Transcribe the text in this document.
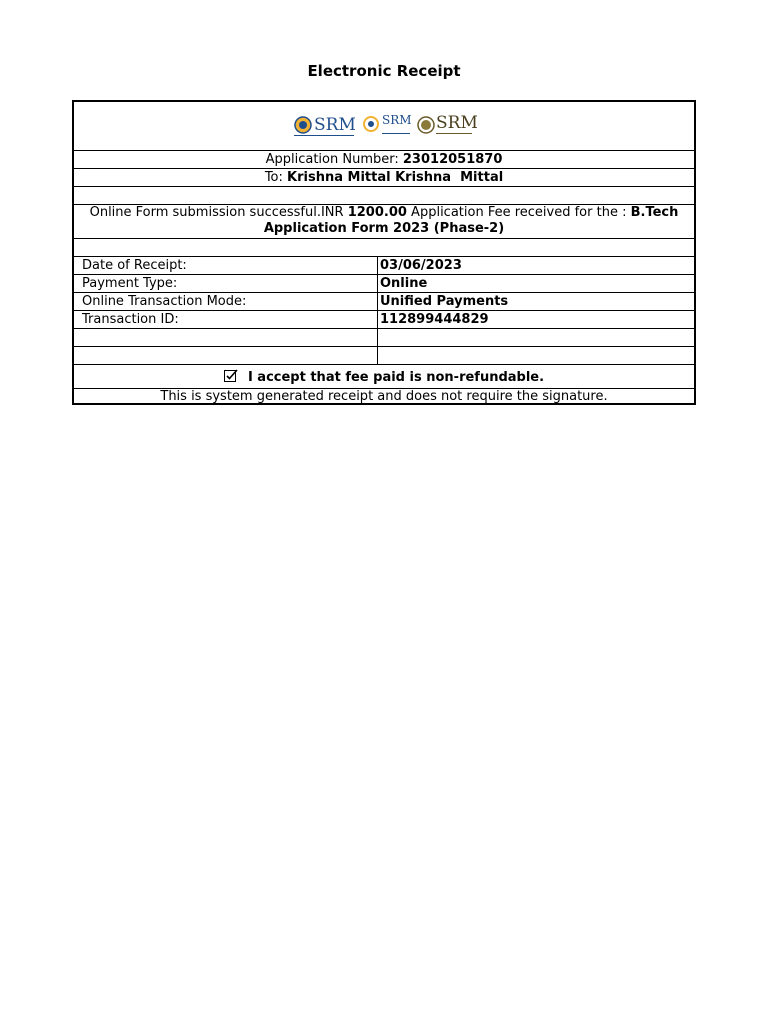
Electronic Receipt
SRM SRM SRM
Application Number: 23012051870
To: Krishna Mittal Krishna  Mittal
Online Form submission successful.INR 1200.00 Application Fee received for the : B.Tech Application Form 2023 (Phase-2)
Date of Receipt:	03/06/2023
Payment Type:	Online
Online Transaction Mode:	Unified Payments
Transaction ID:	112899444829
I accept that fee paid is non-refundable.
This is system generated receipt and does not require the signature.
